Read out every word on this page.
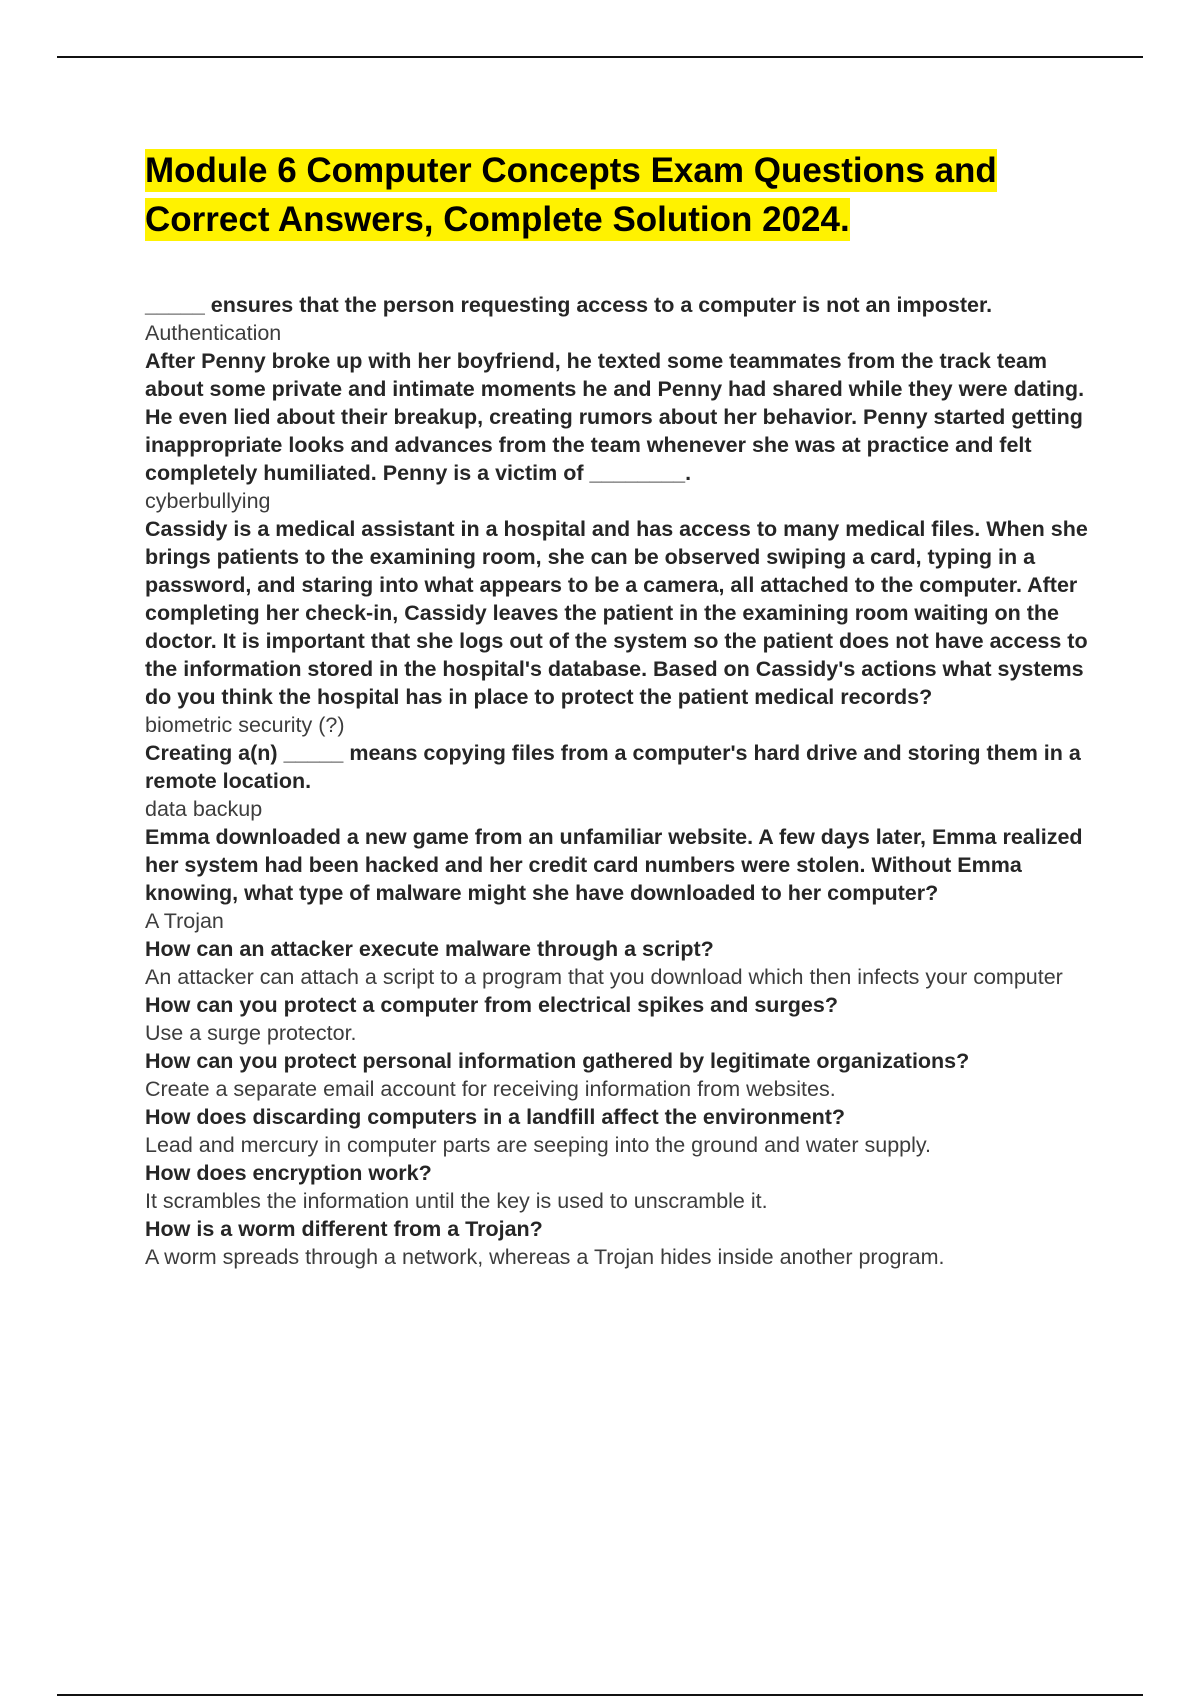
Module 6 Computer Concepts Exam Questions and
Correct Answers, Complete Solution 2024.
_____ ensures that the person requesting access to a computer is not an imposter.
Authentication
After Penny broke up with her boyfriend, he texted some teammates from the track team about some private and intimate moments he and Penny had shared while they were dating. He even lied about their breakup, creating rumors about her behavior. Penny started getting inappropriate looks and advances from the team whenever she was at practice and felt completely humiliated. Penny is a victim of ________.
cyberbullying
Cassidy is a medical assistant in a hospital and has access to many medical files. When she brings patients to the examining room, she can be observed swiping a card, typing in a password, and staring into what appears to be a camera, all attached to the computer. After completing her check-in, Cassidy leaves the patient in the examining room waiting on the doctor. It is important that she logs out of the system so the patient does not have access to the information stored in the hospital's database. Based on Cassidy's actions what systems do you think the hospital has in place to protect the patient medical records?
biometric security (?)
Creating a(n) _____ means copying files from a computer's hard drive and storing them in a remote location.
data backup
Emma downloaded a new game from an unfamiliar website. A few days later, Emma realized her system had been hacked and her credit card numbers were stolen. Without Emma knowing, what type of malware might she have downloaded to her computer?
A Trojan
How can an attacker execute malware through a script?
An attacker can attach a script to a program that you download which then infects your computer
How can you protect a computer from electrical spikes and surges?
Use a surge protector.
How can you protect personal information gathered by legitimate organizations?
Create a separate email account for receiving information from websites.
How does discarding computers in a landfill affect the environment?
Lead and mercury in computer parts are seeping into the ground and water supply.
How does encryption work?
It scrambles the information until the key is used to unscramble it.
How is a worm different from a Trojan?
A worm spreads through a network, whereas a Trojan hides inside another program.
